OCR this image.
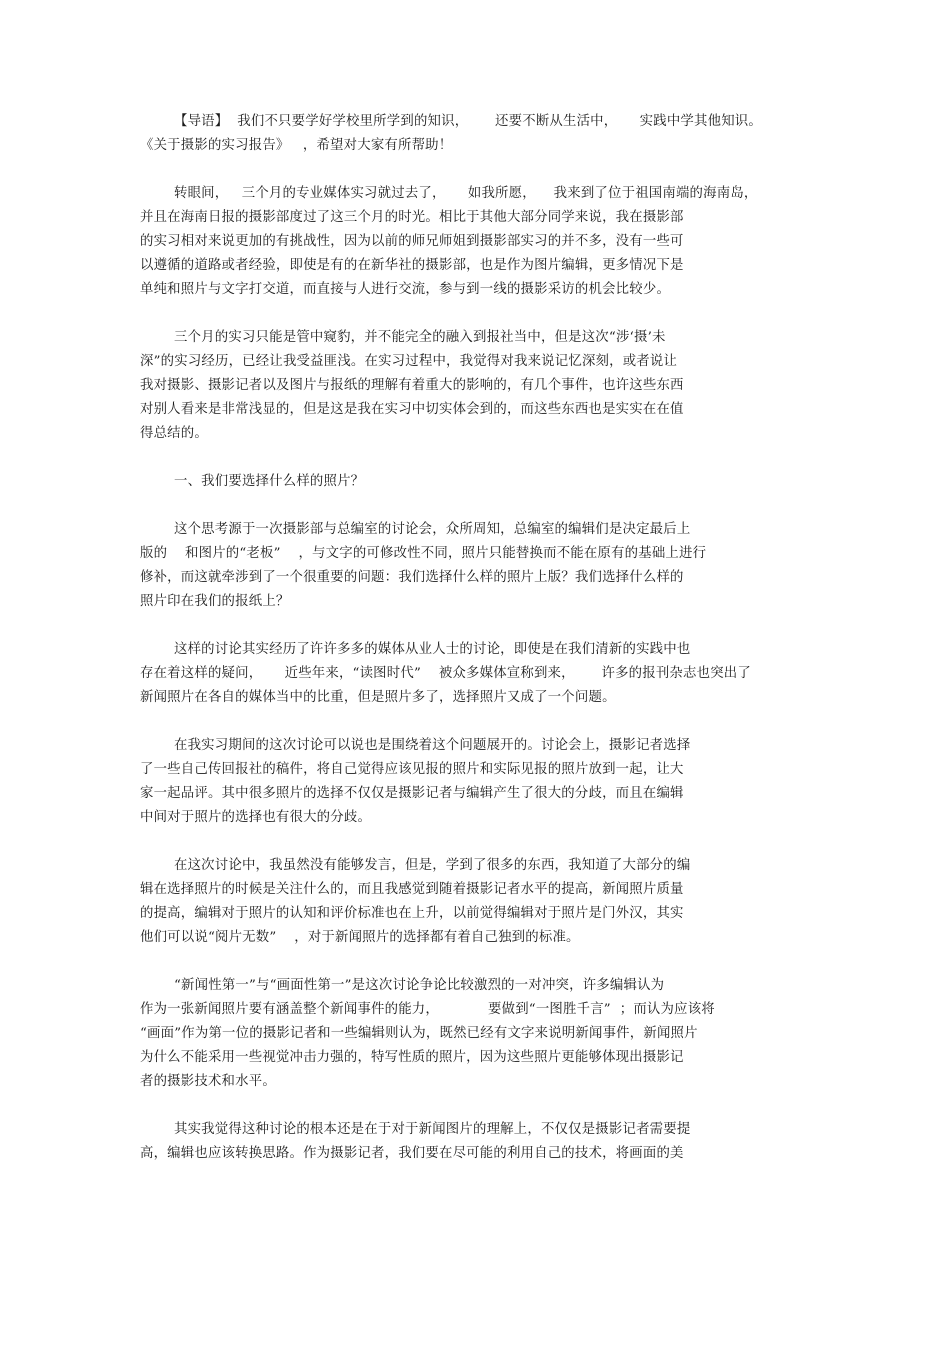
【导语】  我们不只要学好学校里所学到的知识，      还要不断从生活中，     实践中学其他知识。
《关于摄影的实习报告》   ，希望对大家有所帮助！
转眼间，   三个月的专业媒体实习就过去了，     如我所愿，    我来到了位于祖国南端的海南岛，
并且在海南日报的摄影部度过了这三个月的时光。相比于其他大部分同学来说，我在摄影部
的实习相对来说更加的有挑战性，因为以前的师兄师姐到摄影部实习的并不多，没有一些可
以遵循的道路或者经验，即使是有的在新华社的摄影部，也是作为图片编辑，更多情况下是
单纯和照片与文字打交道，而直接与人进行交流，参与到一线的摄影采访的机会比较少。
三个月的实习只能是管中窥豹，并不能完全的融入到报社当中，但是这次“涉‘摄’未
深”的实习经历，已经让我受益匪浅。在实习过程中，我觉得对我来说记忆深刻，或者说让
我对摄影、摄影记者以及图片与报纸的理解有着重大的影响的，有几个事件，也许这些东西
对别人看来是非常浅显的，但是这是我在实习中切实体会到的，而这些东西也是实实在在值
得总结的。
一、我们要选择什么样的照片？
这个思考源于一次摄影部与总编室的讨论会，众所周知，总编室的编辑们是决定最后上
版的    和图片的“老板”    ，与文字的可修改性不同，照片只能替换而不能在原有的基础上进行
修补，而这就牵涉到了一个很重要的问题：我们选择什么样的照片上版？我们选择什么样的
照片印在我们的报纸上？
这样的讨论其实经历了许许多多的媒体从业人士的讨论，即使是在我们清新的实践中也
存在着这样的疑问，     近些年来，“读图时代”    被众多媒体宣称到来，      许多的报刊杂志也突出了
新闻照片在各自的媒体当中的比重，但是照片多了，选择照片又成了一个问题。
在我实习期间的这次讨论可以说也是围绕着这个问题展开的。讨论会上，摄影记者选择
了一些自己传回报社的稿件，将自己觉得应该见报的照片和实际见报的照片放到一起，让大
家一起品评。其中很多照片的选择不仅仅是摄影记者与编辑产生了很大的分歧，而且在编辑
中间对于照片的选择也有很大的分歧。
在这次讨论中，我虽然没有能够发言，但是，学到了很多的东西，我知道了大部分的编
辑在选择照片的时候是关注什么的，而且我感觉到随着摄影记者水平的提高，新闻照片质量
的提高，编辑对于照片的认知和评价标准也在上升，以前觉得编辑对于照片是门外汉，其实
他们可以说“阅片无数”    ，对于新闻照片的选择都有着自己独到的标准。
“新闻性第一”与“画面性第一”是这次讨论争论比较激烈的一对冲突，许多编辑认为
作为一张新闻照片要有涵盖整个新闻事件的能力，           要做到“一图胜千言”  ；而认为应该将
“画面”作为第一位的摄影记者和一些编辑则认为，既然已经有文字来说明新闻事件，新闻照片
为什么不能采用一些视觉冲击力强的，特写性质的照片，因为这些照片更能够体现出摄影记
者的摄影技术和水平。
其实我觉得这种讨论的根本还是在于对于新闻图片的理解上，不仅仅是摄影记者需要提
高，编辑也应该转换思路。作为摄影记者，我们要在尽可能的利用自己的技术，将画面的美
